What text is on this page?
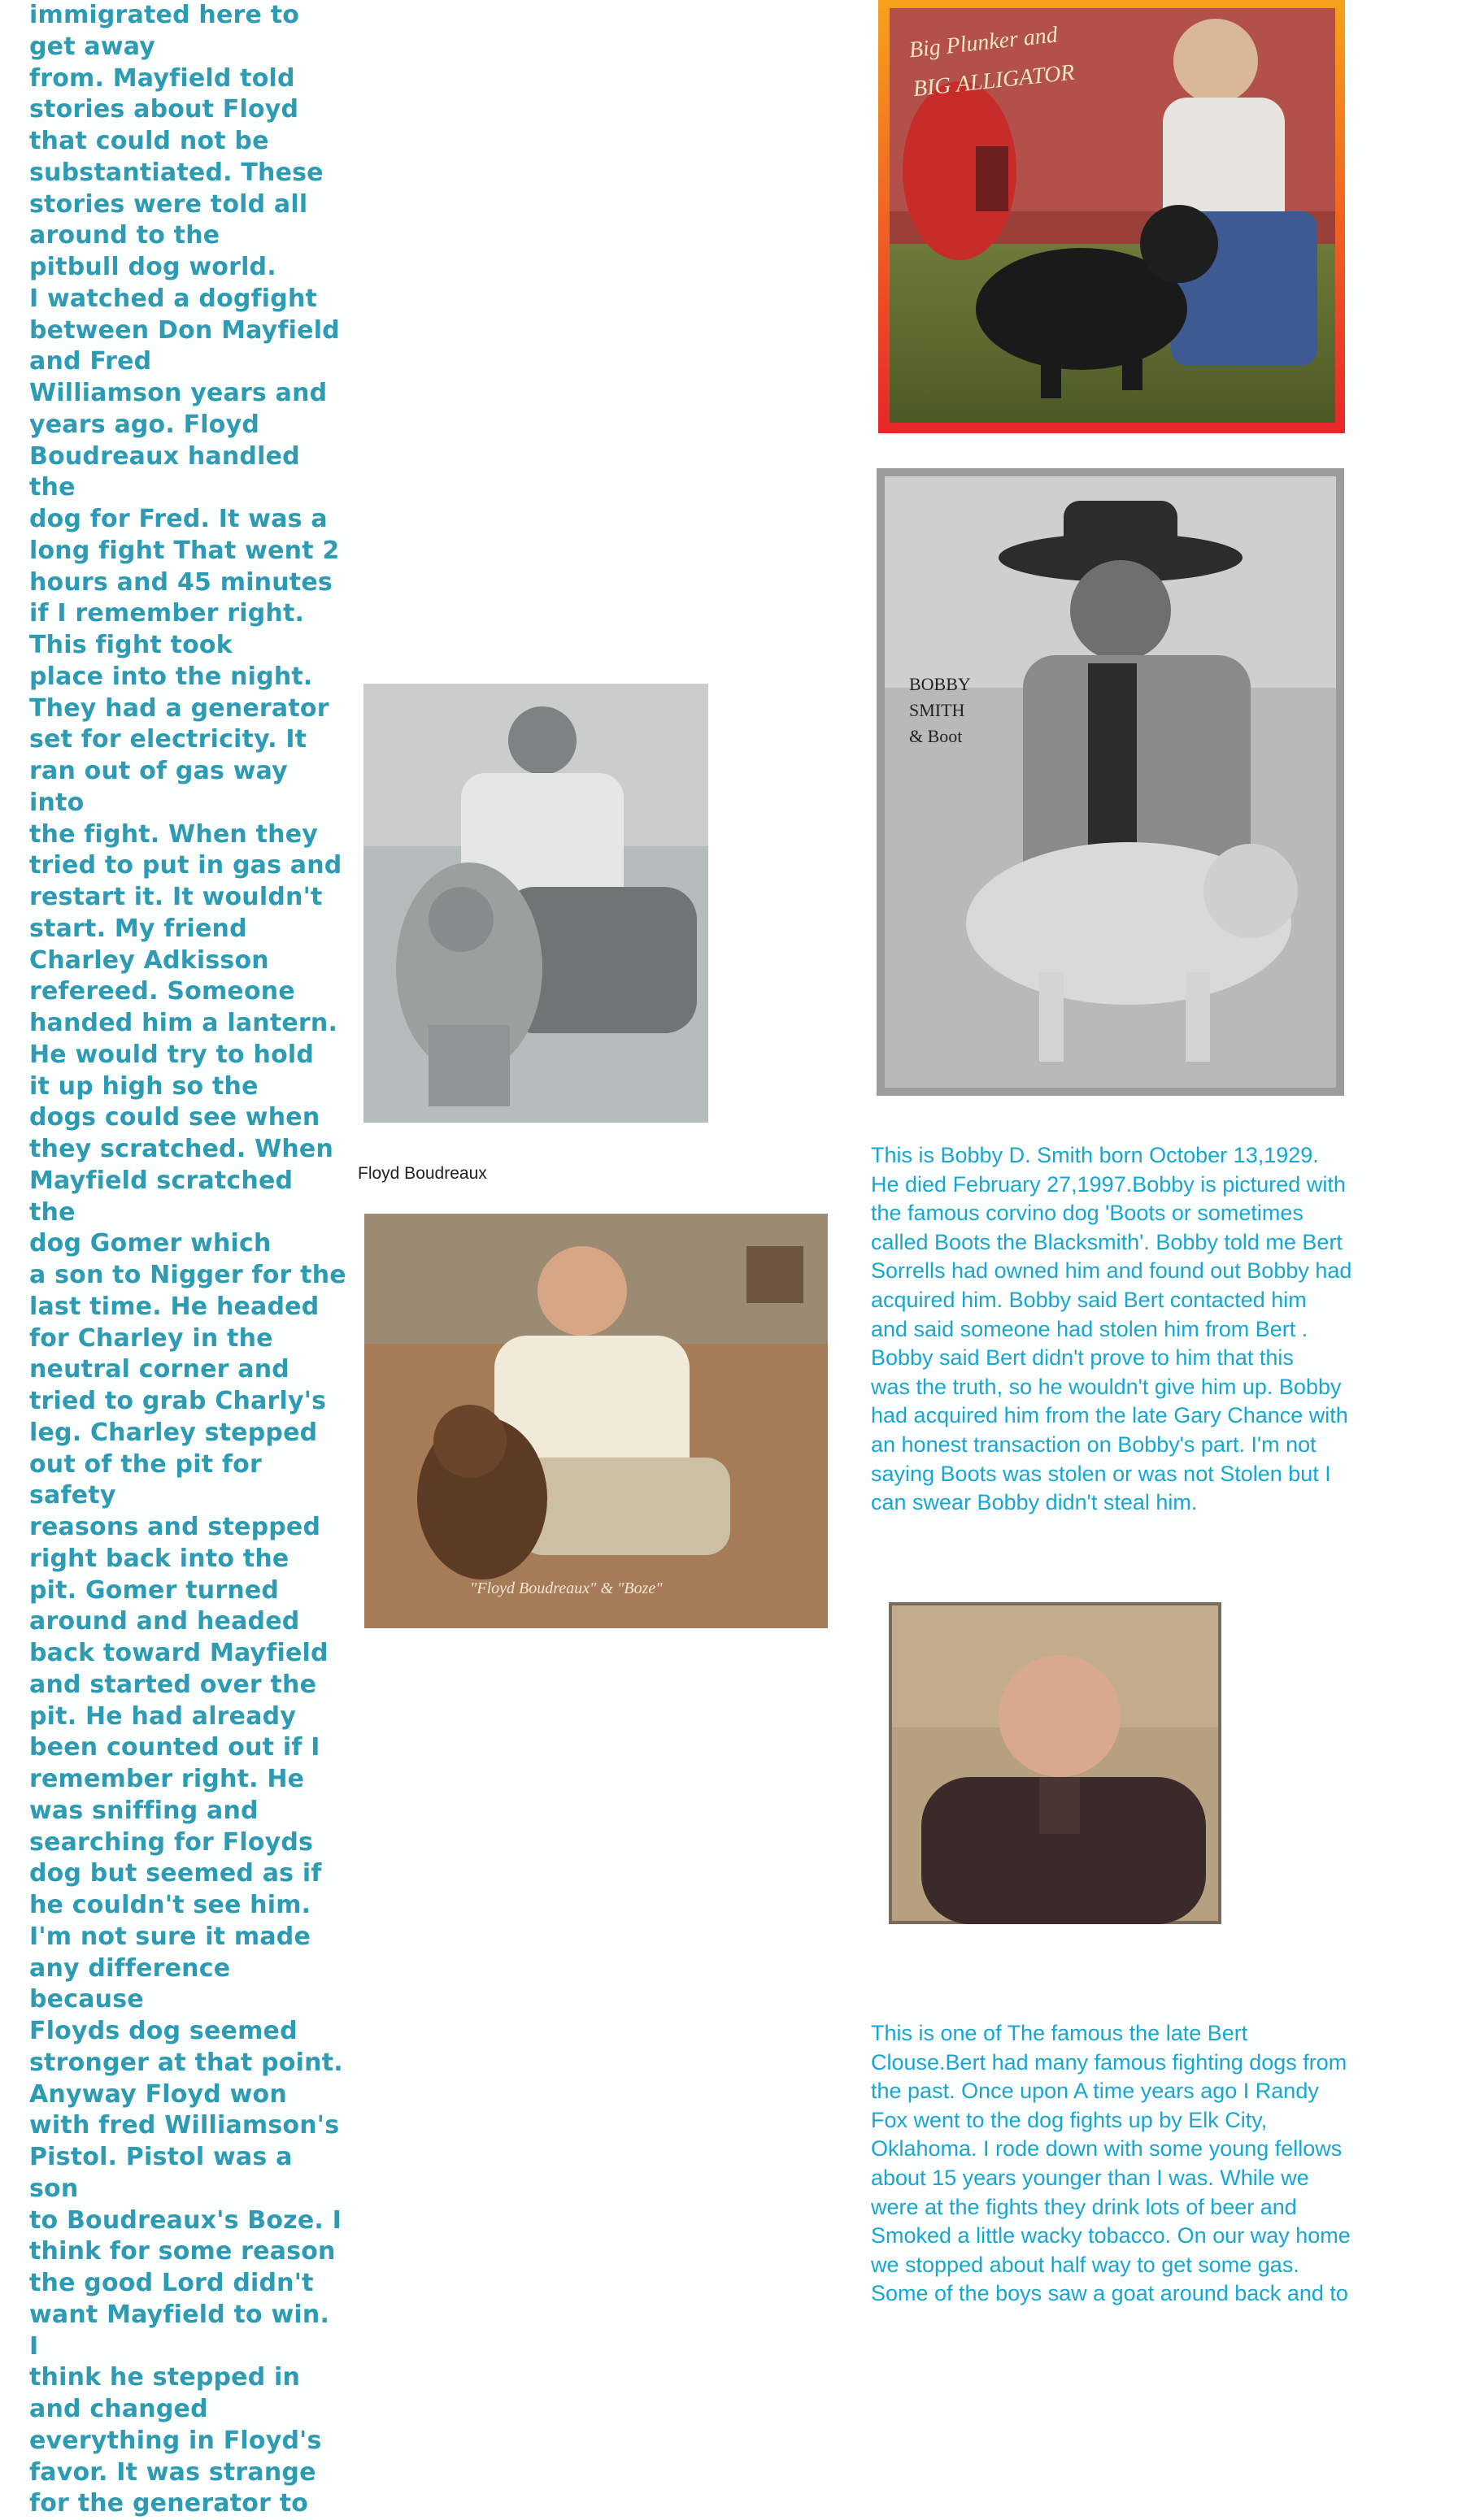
immigrated here to
get away
from. Mayfield told
stories about Floyd
that could not be
substantiated. These
stories were told all
around to the
pitbull dog world.
I watched a dogfight
between Don Mayfield
and Fred
Williamson years and
years ago. Floyd
Boudreaux handled the
dog for Fred. It was a
long fight That went 2
hours and 45 minutes
if I remember right.
This fight took
place into the night.
They had a generator
set for electricity. It
ran out of gas way into
the fight. When they
tried to put in gas and
restart it. It wouldn't
start. My friend
Charley Adkisson
refereed. Someone
handed him a lantern.
He would try to hold
it up high so the
dogs could see when
they scratched. When
Mayfield scratched the
dog Gomer which
a son to Nigger for the
last time. He headed
for Charley in the
neutral corner and
tried to grab Charly's
leg. Charley stepped
out of the pit for safety
reasons and stepped
right back into the
pit. Gomer turned
around and headed
back toward Mayfield
and started over the
pit. He had already
been counted out if I
remember right. He
was sniffing and
searching for Floyds
dog but seemed as if
he couldn't see him.
I'm not sure it made
any difference because
Floyds dog seemed
stronger at that point.
Anyway Floyd won
with fred Williamson's
Pistol. Pistol was a son
to Boudreaux's Boze. I
think for some reason
the good Lord didn't
want Mayfield to win. I
think he stepped in
and changed
everything in Floyd's
favor. It was strange
for the generator to
Big Plunker and
BIG ALLIGATOR
Floyd Boudreaux
"Floyd Boudreaux" & "Boze"
BOBBY
SMITH
& Boot
This is Bobby D. Smith born October 13,1929.
He died February 27,1997.Bobby is pictured with
the famous corvino dog 'Boots or sometimes
called Boots the Blacksmith'. Bobby told me Bert
Sorrells had owned him and found out Bobby had
acquired him. Bobby said Bert contacted him
and said someone had stolen him from Bert .
Bobby said Bert didn't prove to him that this
was the truth, so he wouldn't give him up. Bobby
had acquired him from the late Gary Chance with
an honest transaction on Bobby's part. I'm not
saying Boots was stolen or was not Stolen but I
can swear Bobby didn't steal him.
This is one of The famous the late Bert
Clouse.Bert had many famous fighting dogs from
the past. Once upon A time years ago I Randy
Fox went to the dog fights up by Elk City,
Oklahoma. I rode down with some young fellows
about 15 years younger than I was. While we
were at the fights they drink lots of beer and
Smoked a little wacky tobacco. On our way home
we stopped about half way to get some gas.
Some of the boys saw a goat around back and to
